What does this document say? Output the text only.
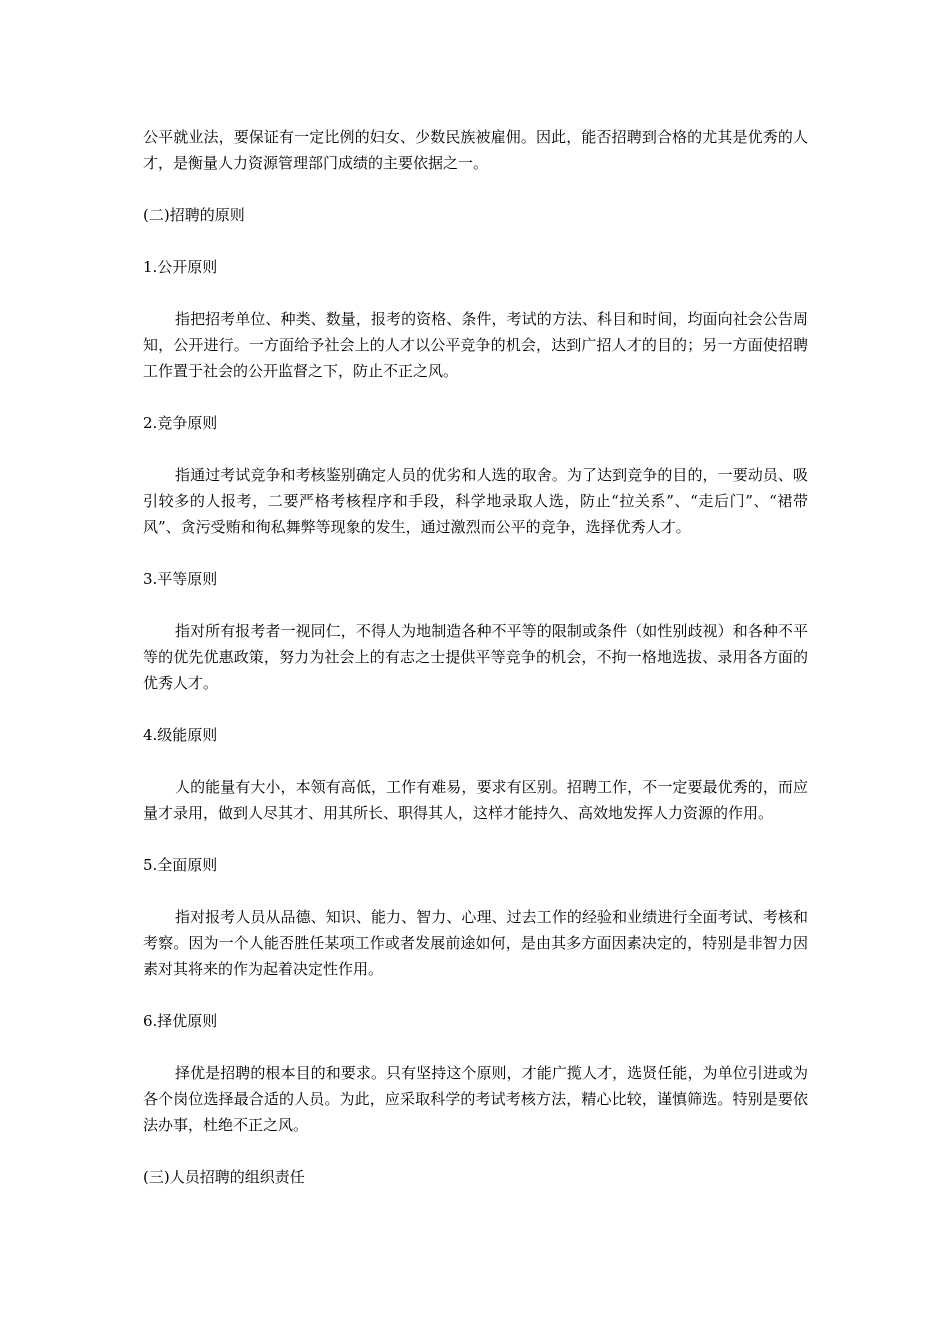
公平就业法，要保证有一定比例的妇女、少数民族被雇佣。因此，能否招聘到合格的尤其是优秀的人才，是衡量人力资源管理部门成绩的主要依据之一。

(二)招聘的原则

1.公开原则

指把招考单位、种类、数量，报考的资格、条件，考试的方法、科目和时间，均面向社会公告周知，公开进行。一方面给予社会上的人才以公平竞争的机会，达到广招人才的目的；另一方面使招聘工作置于社会的公开监督之下，防止不正之风。

2.竞争原则

指通过考试竞争和考核鉴别确定人员的优劣和人选的取舍。为了达到竞争的目的，一要动员、吸引较多的人报考，二要严格考核程序和手段，科学地录取人选，防止“拉关系”、“走后门”、“裙带风”、贪污受贿和徇私舞弊等现象的发生，通过激烈而公平的竞争，选择优秀人才。

3.平等原则

指对所有报考者一视同仁，不得人为地制造各种不平等的限制或条件（如性别歧视）和各种不平等的优先优惠政策，努力为社会上的有志之士提供平等竞争的机会，不拘一格地选拔、录用各方面的优秀人才。

4.级能原则

人的能量有大小，本领有高低，工作有难易，要求有区别。招聘工作，不一定要最优秀的，而应量才录用，做到人尽其才、用其所长、职得其人，这样才能持久、高效地发挥人力资源的作用。

5.全面原则

指对报考人员从品德、知识、能力、智力、心理、过去工作的经验和业绩进行全面考试、考核和考察。因为一个人能否胜任某项工作或者发展前途如何，是由其多方面因素决定的，特别是非智力因素对其将来的作为起着决定性作用。

6.择优原则

择优是招聘的根本目的和要求。只有坚持这个原则，才能广揽人才，选贤任能，为单位引进或为各个岗位选择最合适的人员。为此，应采取科学的考试考核方法，精心比较，谨慎筛选。特别是要依法办事，杜绝不正之风。

(三)人员招聘的组织责任
